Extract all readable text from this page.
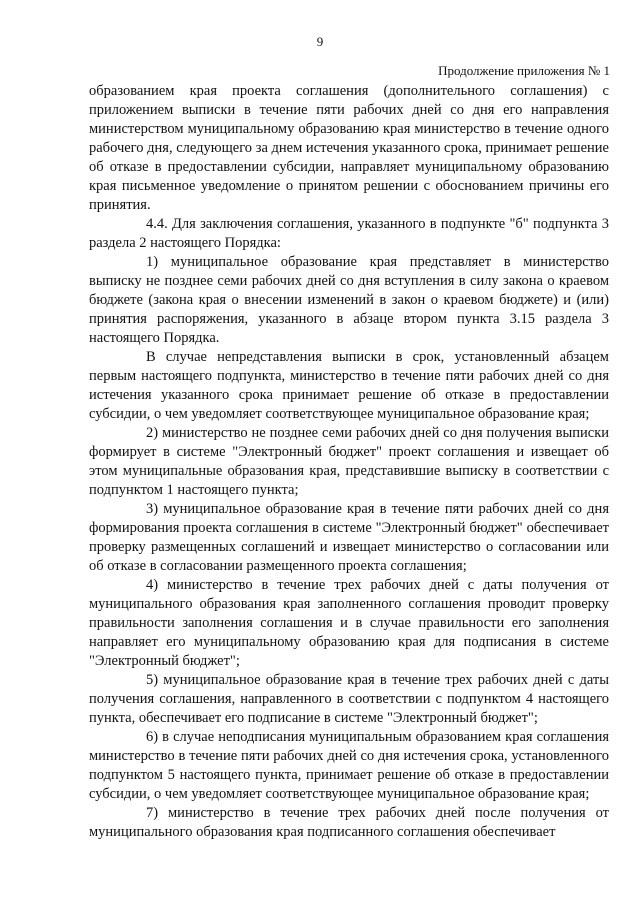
9
Продолжение приложения № 1

образованием края проекта соглашения (дополнительного соглашения) с приложением выписки в течение пяти рабочих дней со дня его направления министерством муниципальному образованию края министерство в течение одного рабочего дня, следующего за днем истечения указанного срока, принимает решение об отказе в предоставлении субсидии, направляет муниципальному образованию края письменное уведомление о принятом решении с обоснованием причины его принятия.

4.4. Для заключения соглашения, указанного в подпункте "б" подпункта 3 раздела 2 настоящего Порядка:

1) муниципальное образование края представляет в министерство выписку не позднее семи рабочих дней со дня вступления в силу закона о краевом бюджете (закона края о внесении изменений в закон о краевом бюджете) и (или) принятия распоряжения, указанного в абзаце втором пункта 3.15 раздела 3 настоящего Порядка.

В случае непредставления выписки в срок, установленный абзацем первым настоящего подпункта, министерство в течение пяти рабочих дней со дня истечения указанного срока принимает решение об отказе в предоставлении субсидии, о чем уведомляет соответствующее муниципальное образование края;

2) министерство не позднее семи рабочих дней со дня получения выписки формирует в системе "Электронный бюджет" проект соглашения и извещает об этом муниципальные образования края, представившие выписку в соответствии с подпунктом 1 настоящего пункта;

3) муниципальное образование края в течение пяти рабочих дней со дня формирования проекта соглашения в системе "Электронный бюджет" обеспечивает проверку размещенных соглашений и извещает министерство о согласовании или об отказе в согласовании размещенного проекта соглашения;

4) министерство в течение трех рабочих дней с даты получения от муниципального образования края заполненного соглашения проводит проверку правильности заполнения соглашения и в случае правильности его заполнения направляет его муниципальному образованию края для подписания в системе "Электронный бюджет";

5) муниципальное образование края в течение трех рабочих дней с даты получения соглашения, направленного в соответствии с подпунктом 4 настоящего пункта, обеспечивает его подписание в системе "Электронный бюджет";

6) в случае неподписания муниципальным образованием края соглашения министерство в течение пяти рабочих дней со дня истечения срока, установленного подпунктом 5 настоящего пункта, принимает решение об отказе в предоставлении субсидии, о чем уведомляет соответствующее муниципальное образование края;

7) министерство в течение трех рабочих дней после получения от муниципального образования края подписанного соглашения обеспечивает
